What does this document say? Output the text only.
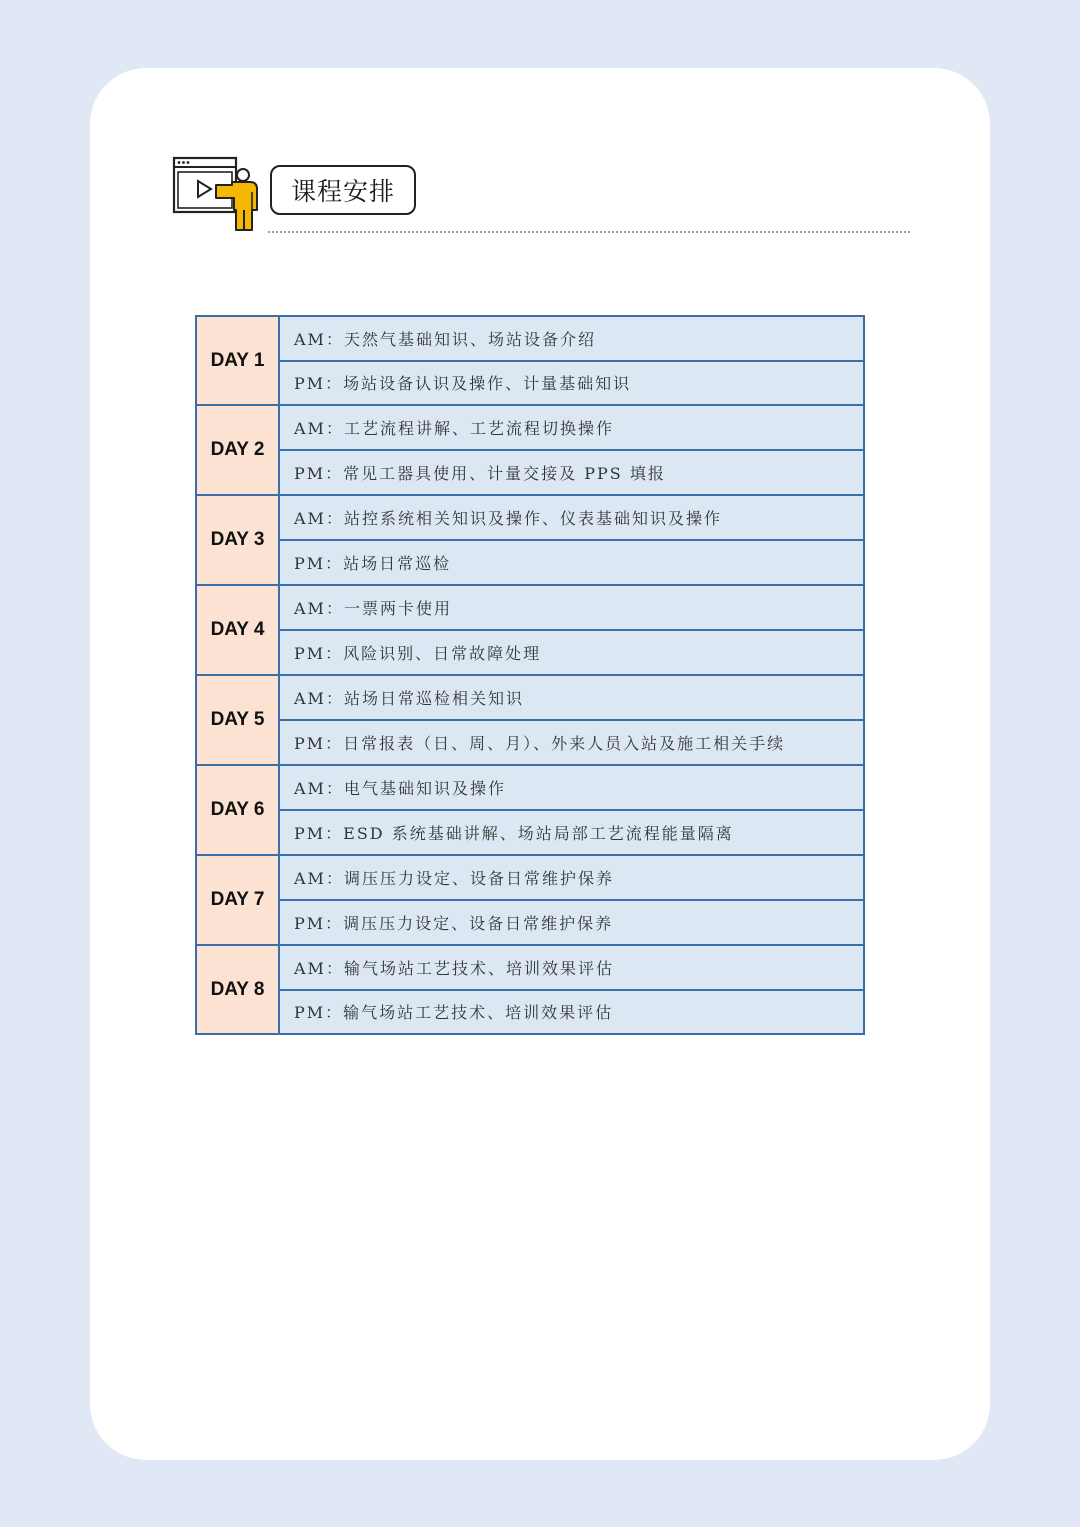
课程安排
DAY 1
AM：天然气基础知识、场站设备介绍
PM：场站设备认识及操作、计量基础知识
DAY 2
AM：工艺流程讲解、工艺流程切换操作
PM：常见工器具使用、计量交接及 PPS 填报
DAY 3
AM：站控系统相关知识及操作、仪表基础知识及操作
PM：站场日常巡检
DAY 4
AM：一票两卡使用
PM：风险识别、日常故障处理
DAY 5
AM：站场日常巡检相关知识
PM：日常报表（日、周、月）、外来人员入站及施工相关手续
DAY 6
AM：电气基础知识及操作
PM：ESD 系统基础讲解、场站局部工艺流程能量隔离
DAY 7
AM：调压压力设定、设备日常维护保养
PM：调压压力设定、设备日常维护保养
DAY 8
AM：输气场站工艺技术、培训效果评估
PM：输气场站工艺技术、培训效果评估
